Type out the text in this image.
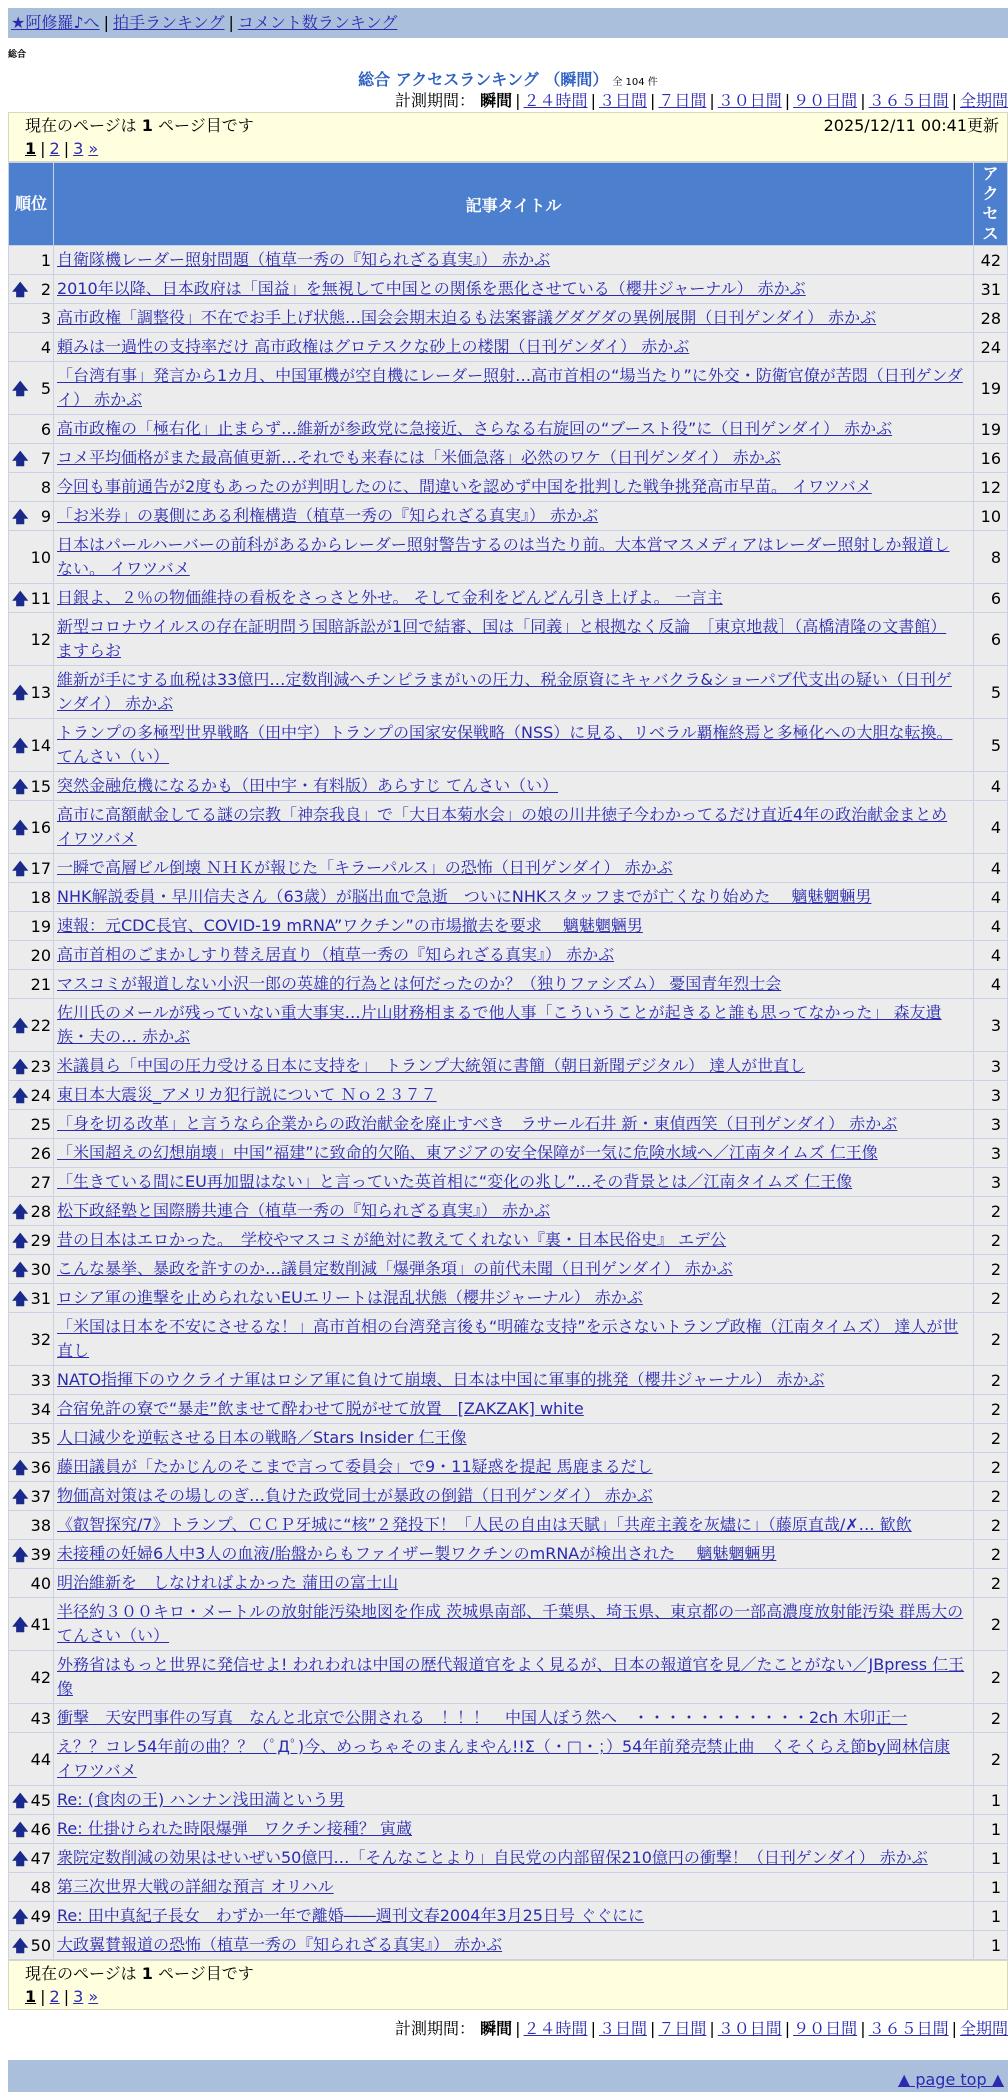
★阿修羅♪へ | 拍手ランキング | コメント数ランキング
総合
総合 アクセスランキング （瞬間） 全 104 件
計測期間： 瞬間 | ２４時間 | ３日間 | ７日間 | ３０日間 | ９０日間 | ３６５日間 | 全期間
現在のページは 1 ページ目です	2025/12/11 00:41更新
1 | 2 | 3 »
順位	記事タイトル	アクセス

1	自衛隊機レーダー照射問題（植草一秀の『知られざる真実』） 赤かぶ	42

🡅 2	2010年以降、日本政府は「国益」を無視して中国との関係を悪化させている（櫻井ジャーナル） 赤かぶ	31
3	高市政権「調整役」不在でお手上げ状態…国会会期末迫るも法案審議グダグダの異例展開（日刊ゲンダイ） 赤かぶ	28
4	頼みは一過性の支持率だけ 高市政権はグロテスクな砂上の楼閣（日刊ゲンダイ） 赤かぶ	24

🡅 5	「台湾有事」発言から1カ月、中国軍機が空自機にレーダー照射…高市首相の“場当たり”に外交・防衛官僚が苦悶（日刊ゲンダイ） 赤かぶ	19
6	高市政権の「極右化」止まらず…維新が参政党に急接近、さらなる右旋回の“ブースト役”に（日刊ゲンダイ） 赤かぶ	19

🡅 7	コメ平均価格がまた最高値更新…それでも来春には「米価急落」必然のワケ（日刊ゲンダイ） 赤かぶ	16
8	今回も事前通告が2度もあったのが判明したのに、間違いを認めず中国を批判した戦争挑発高市早苗。 イワツバメ	12

🡅 9	「お米券」の裏側にある利権構造（植草一秀の『知られざる真実』） 赤かぶ	10
10	日本はパールハーバーの前科があるからレーダー照射警告するのは当たり前。大本営マスメディアはレーダー照射しか報道しない。 イワツバメ	8

🡅 11	日銀よ、２％の物価維持の看板をさっさと外せ。 そして金利をどんどん引き上げよ。 一言主	6
12	新型コロナウイルスの存在証明問う国賠訴訟が1回で結審、国は「同義」と根拠なく反論　［東京地裁］（高橋清隆の文書館） ますらお	6

🡅 13	維新が手にする血税は33億円…定数削減へチンピラまがいの圧力、税金原資にキャバクラ&ショーパブ代支出の疑い（日刊ゲンダイ） 赤かぶ	5

🡅 14	トランプの多極型世界戦略（田中宇）トランプの国家安保戦略（NSS）に見る、リベラル覇権終焉と多極化への大胆な転換。 てんさい（い）	5

🡅 15	突然金融危機になるかも（田中宇・有料版）あらすじ てんさい（い）	4

🡅 16	高市に高額献金してる謎の宗教「神奈我良」で「大日本菊水会」の娘の川井徳子今わかってるだけ直近4年の政治献金まとめ イワツバメ	4

🡅 17	一瞬で高層ビル倒壊 ＮＨＫが報じた「キラーパルス」の恐怖（日刊ゲンダイ） 赤かぶ	4
18	NHK解説委員・早川信夫さん（63歳）が脳出血で急逝　ついにNHKスタッフまでが亡くなり始めた　 魑魅魍魎男	4
19	速報：元CDC長官、COVID-19 mRNA”ワクチン”の市場撤去を要求　 魑魅魍魎男	4
20	高市首相のごまかしすり替え居直り（植草一秀の『知られざる真実』） 赤かぶ	4
21	マスコミが報道しない小沢一郎の英雄的行為とは何だったのか？（独りファシズム） 憂国青年烈士会	4

🡅 22	佐川氏のメールが残っていない重大事実…片山財務相まるで他人事「こういうことが起きると誰も思ってなかった」 森友遺族・夫の… 赤かぶ	3

🡅 23	米議員ら「中国の圧力受ける日本に支持を」　トランプ大統領に書簡（朝日新聞デジタル） 達人が世直し	3

🡅 24	東日本大震災_アメリカ犯行説について Ｎｏ２３７７	3
25	「身を切る改革」と言うなら企業からの政治献金を廃止すべき　ラサール石井 新・東偵西笑（日刊ゲンダイ） 赤かぶ	3
26	「米国超えの幻想崩壊」中国”福建”に致命的欠陥、東アジアの安全保障が一気に危険水域へ／江南タイムズ 仁王像	3
27	「生きている間にEU再加盟はない」と言っていた英首相に“変化の兆し”…その背景とは／江南タイムズ 仁王像	3

🡅 28	松下政経塾と国際勝共連合（植草一秀の『知られざる真実』） 赤かぶ	2

🡅 29	昔の日本はエロかった。　学校やマスコミが絶対に教えてくれない『裏・日本民俗史』 エデ公	2

🡅 30	こんな暴挙、暴政を許すのか…議員定数削減「爆弾条項」の前代未聞（日刊ゲンダイ） 赤かぶ	2

🡅 31	ロシア軍の進撃を止められないEUエリートは混乱状態（櫻井ジャーナル） 赤かぶ	2
32	「米国は日本を不安にさせるな！」高市首相の台湾発言後も“明確な支持”を示さないトランプ政権（江南タイムズ） 達人が世直し	2
33	NATO指揮下のウクライナ軍はロシア軍に負けて崩壊、日本は中国に軍事的挑発（櫻井ジャーナル） 赤かぶ	2
34	合宿免許の寮で“暴走”飲ませて酔わせて脱がせて放置　[ZAKZAK] white	2
35	人口減少を逆転させる日本の戦略／Stars Insider 仁王像	2

🡅 36	藤田議員が「たかじんのそこまで言って委員会」で9・11疑惑を提起 馬鹿まるだし	2

🡅 37	物価高対策はその場しのぎ…負けた政党同士が暴政の倒錯（日刊ゲンダイ） 赤かぶ	2
38	《叡智探究/7》トランプ、ＣＣＰ牙城に“核”２発投下！「人民の自由は天賦」「共産主義を灰燼に」（藤原直哉/✗… 歓飲	2

🡅 39	未接種の妊婦6人中3人の血液/胎盤からもファイザー製ワクチンのmRNAが検出された　 魑魅魍魎男	2
40	明治維新を　しなければよかった 蒲田の富士山	2

🡅 41	半径約３００キロ・メートルの放射能汚染地図を作成 茨城県南部、千葉県、埼玉県、東京都の一部高濃度放射能汚染 群馬大の てんさい（い）	2
42	外務省はもっと世界に発信せよ! われわれは中国の歴代報道官をよく見るが、日本の報道官を見／たことがない／JBpress 仁王像	2
43	衝撃　天安門事件の写真　なんと北京で公開される　！！！　中国人ぼう然へ　・・・・・・・・・・・2ch 木卯正一	2
44	え？？コレ54年前の曲？？（ﾟДﾟ)今、めっちゃそのまんまやん!!Σ（・□・；）54年前発売禁止曲　くそくらえ節by岡林信康 イワツバメ	2

🡅 45	Re: (食肉の王) ハンナン浅田満という男	1

🡅 46	Re: 仕掛けられた時限爆弾　ワクチン接種？ 寅蔵	1

🡅 47	衆院定数削減の効果はせいぜい50億円…「そんなことより」自民党の内部留保210億円の衝撃！（日刊ゲンダイ） 赤かぶ	1
48	第三次世界大戦の詳細な預言 オリハル	1

🡅 49	Re: 田中真紀子長女　わずか一年で離婚――週刊文春2004年3月25日号 ぐぐにに	1

🡅 50	大政翼賛報道の恐怖（植草一秀の『知られざる真実』） 赤かぶ	1
現在のページは 1 ページ目です
1 | 2 | 3 »
計測期間： 瞬間 | ２４時間 | ３日間 | ７日間 | ３０日間 | ９０日間 | ３６５日間 | 全期間
▲ page top ▲
